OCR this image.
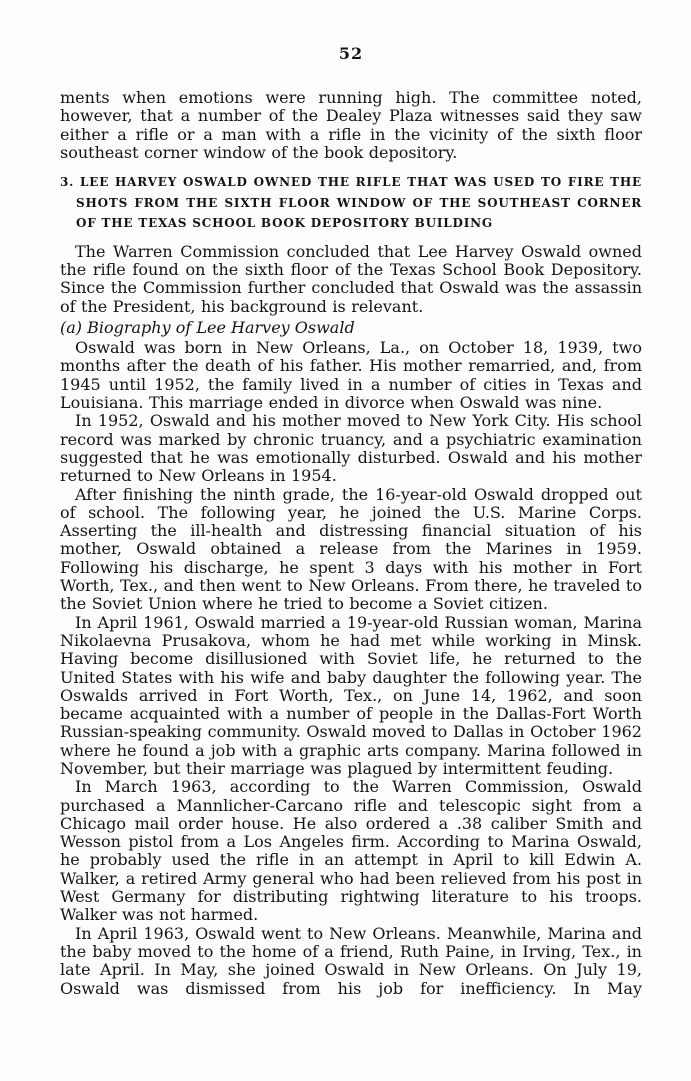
52

ments when emotions were running high. The committee noted, however, that a number of the Dealey Plaza witnesses said they saw either a rifle or a man with a rifle in the vicinity of the sixth floor southeast corner window of the book depository.

3. LEE HARVEY OSWALD OWNED THE RIFLE THAT WAS USED TO FIRE THE SHOTS FROM THE SIXTH FLOOR WINDOW OF THE SOUTHEAST CORNER OF THE TEXAS SCHOOL BOOK DEPOSITORY BUILDING

The Warren Commission concluded that Lee Harvey Oswald owned the rifle found on the sixth floor of the Texas School Book Depository. Since the Commission further concluded that Oswald was the assassin of the President, his background is relevant.

(a) Biography of Lee Harvey Oswald

Oswald was born in New Orleans, La., on October 18, 1939, two months after the death of his father. His mother remarried, and, from 1945 until 1952, the family lived in a number of cities in Texas and Louisiana. This marriage ended in divorce when Oswald was nine.

In 1952, Oswald and his mother moved to New York City. His school record was marked by chronic truancy, and a psychiatric examination suggested that he was emotionally disturbed. Oswald and his mother returned to New Orleans in 1954.

After finishing the ninth grade, the 16-year-old Oswald dropped out of school. The following year, he joined the U.S. Marine Corps. Asserting the ill-health and distressing financial situation of his mother, Oswald obtained a release from the Marines in 1959. Following his discharge, he spent 3 days with his mother in Fort Worth, Tex., and then went to New Orleans. From there, he traveled to the Soviet Union where he tried to become a Soviet citizen.

In April 1961, Oswald married a 19-year-old Russian woman, Marina Nikolaevna Prusakova, whom he had met while working in Minsk. Having become disillusioned with Soviet life, he returned to the United States with his wife and baby daughter the following year. The Oswalds arrived in Fort Worth, Tex., on June 14, 1962, and soon became acquainted with a number of people in the Dallas-Fort Worth Russian-speaking community. Oswald moved to Dallas in October 1962 where he found a job with a graphic arts company. Marina followed in November, but their marriage was plagued by intermittent feuding.

In March 1963, according to the Warren Commission, Oswald purchased a Mannlicher-Carcano rifle and telescopic sight from a Chicago mail order house. He also ordered a .38 caliber Smith and Wesson pistol from a Los Angeles firm. According to Marina Oswald, he probably used the rifle in an attempt in April to kill Edwin A. Walker, a retired Army general who had been relieved from his post in West Germany for distributing rightwing literature to his troops. Walker was not harmed.

In April 1963, Oswald went to New Orleans. Meanwhile, Marina and the baby moved to the home of a friend, Ruth Paine, in Irving, Tex., in late April. In May, she joined Oswald in New Orleans. On July 19, Oswald was dismissed from his job for inefficiency. In May
